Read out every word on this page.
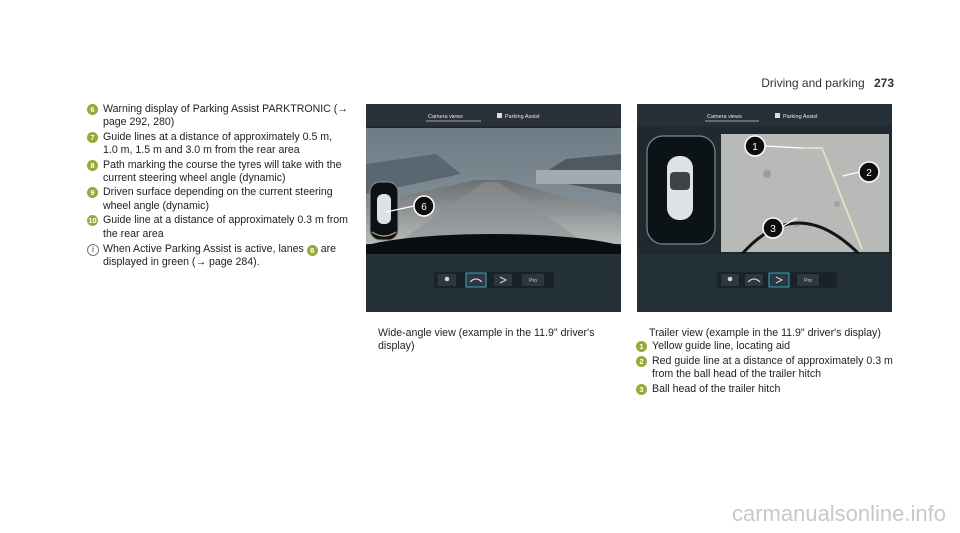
Driving and parking 273
6 Warning display of Parking Assist PARKTRONIC (→ page 292, 280)
7 Guide lines at a distance of approximately 0.5 m, 1.0 m, 1.5 m and 3.0 m from the rear area
8 Path marking the course the tyres will take with the current steering wheel angle (dynamic)
9 Driven surface depending on the current steering wheel angle (dynamic)
10 Guide line at a distance of approximately 0.3 m from the rear area
i When Active Parking Assist is active, lanes 8 are displayed in green (→ page 284).
Camera views	Parking Assist
6
Pro
Camera views	Parking Assist
1
2
3
Pro
Wide-angle view (example in the 11.9" driver's display)
Trailer view (example in the 11.9" driver's display)
1 Yellow guide line, locating aid
2 Red guide line at a distance of approximately 0.3 m from the ball head of the trailer hitch
3 Ball head of the trailer hitch
carmanualsonline.info
